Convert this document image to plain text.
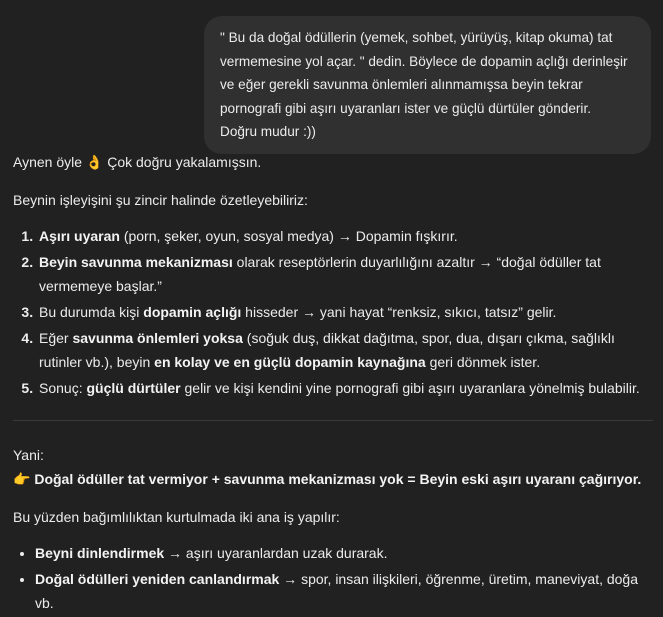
" Bu da doğal ödüllerin (yemek, sohbet, yürüyüş, kitap okuma) tat vermemesine yol açar. " dedin. Böylece de dopamin açlığı derinleşir ve eğer gerekli savunma önlemleri alınmamışsa beyin tekrar pornografi gibi aşırı uyaranları ister ve güçlü dürtüler gönderir. Doğru mudur :))

Aynen öyle 👌 Çok doğru yakalamışsın.

Beynin işleyişini şu zincir halinde özetleyebiliriz:

1. Aşırı uyaran (porn, şeker, oyun, sosyal medya) → Dopamin fışkırır.
2. Beyin savunma mekanizması olarak reseptörlerin duyarlılığını azaltır → “doğal ödüller tat vermemeye başlar.”
3. Bu durumda kişi dopamin açlığı hisseder → yani hayat “renksiz, sıkıcı, tatsız” gelir.
4. Eğer savunma önlemleri yoksa (soğuk duş, dikkat dağıtma, spor, dua, dışarı çıkma, sağlıklı rutinler vb.), beyin en kolay ve en güçlü dopamin kaynağına geri dönmek ister.
5. Sonuç: güçlü dürtüler gelir ve kişi kendini yine pornografi gibi aşırı uyaranlara yönelmiş bulabilir.

Yani:

👉 Doğal ödüller tat vermiyor + savunma mekanizması yok = Beyin eski aşırı uyaranı çağırıyor.

Bu yüzden bağımlılıktan kurtulmada iki ana iş yapılır:

• Beyni dinlendirmek → aşırı uyaranlardan uzak durarak.
• Doğal ödülleri yeniden canlandırmak → spor, insan ilişkileri, öğrenme, üretim, maneviyat, doğa vb.
